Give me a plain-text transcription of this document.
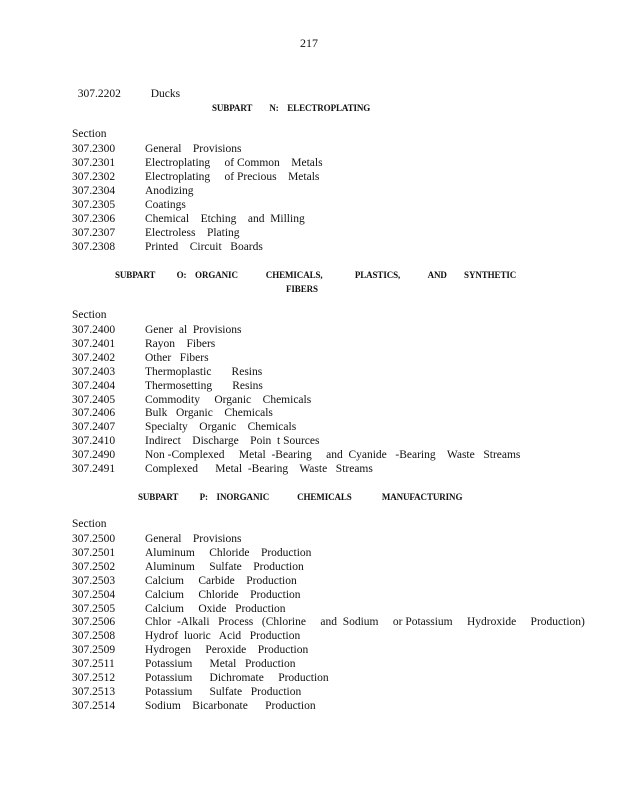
217

307.2202	Ducks

SUBPART        N:    ELECTROPLATING
Section
307.2300	General    Provisions
307.2301	Electroplating     of Common    Metals
307.2302	Electroplating     of Precious    Metals
307.2304	Anodizing
307.2305	Coatings
307.2306	Chemical    Etching    and  Milling
307.2307	Electroless    Plating
307.2308	Printed    Circuit   Boards
SUBPART          O:    ORGANIC             CHEMICALS,               PLASTICS,             AND        SYNTHETIC
FIBERS
Section
307.2400	Gener  al  Provisions
307.2401	Rayon    Fibers
307.2402	Other   Fibers
307.2403	Thermoplastic       Resins
307.2404	Thermosetting       Resins
307.2405	Commodity     Organic    Chemicals
307.2406	Bulk   Organic    Chemicals
307.2407	Specialty    Organic    Chemicals
307.2410	Indirect    Discharge    Poin  t Sources
307.2490	Non -Complexed     Metal  -Bearing     and  Cyanide   -Bearing    Waste   Streams
307.2491	Complexed      Metal  -Bearing    Waste   Streams
SUBPART          P:    INORGANIC             CHEMICALS              MANUFACTURING
Section
307.2500	General    Provisions
307.2501	Aluminum     Chloride    Production
307.2502	Aluminum     Sulfate    Production
307.2503	Calcium     Carbide    Production
307.2504	Calcium     Chloride    Production
307.2505	Calcium     Oxide   Production
307.2506	Chlor  -Alkali   Process   (Chlorine     and  Sodium     or Potassium     Hydroxide     Production)
307.2508	Hydrof  luoric   Acid   Production
307.2509	Hydrogen     Peroxide    Production
307.2511	Potassium      Metal   Production
307.2512	Potassium      Dichromate     Production
307.2513	Potassium      Sulfate   Production
307.2514	Sodium    Bicarbonate      Production
